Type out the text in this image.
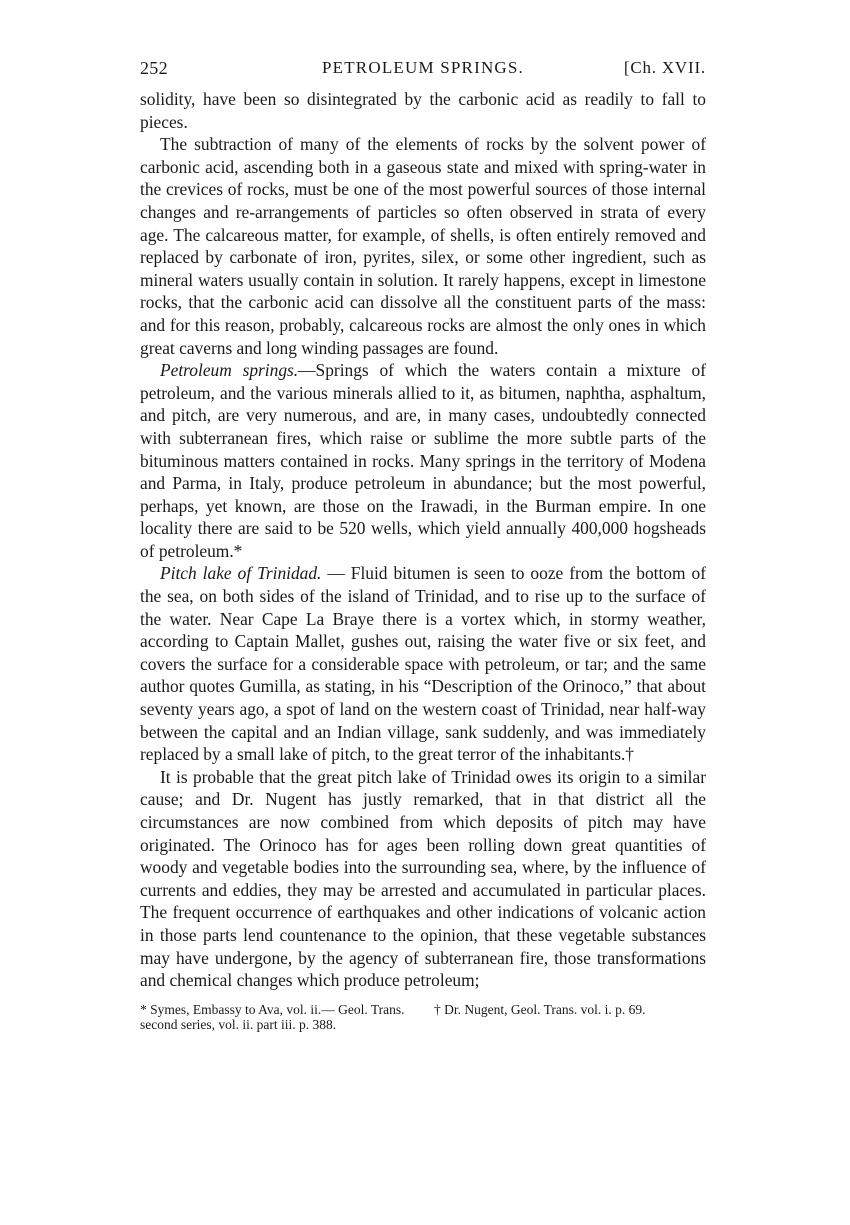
252	PETROLEUM SPRINGS.	[Ch. XVII.

solidity, have been so disintegrated by the carbonic acid as readily to fall to pieces.

The subtraction of many of the elements of rocks by the solvent power of carbonic acid, ascending both in a gaseous state and mixed with spring-water in the crevices of rocks, must be one of the most powerful sources of those internal changes and re-arrangements of particles so often observed in strata of every age. The calcareous matter, for example, of shells, is often entirely removed and replaced by carbonate of iron, pyrites, silex, or some other ingredient, such as mineral waters usually contain in solution. It rarely happens, except in limestone rocks, that the carbonic acid can dissolve all the constituent parts of the mass: and for this reason, probably, calcareous rocks are almost the only ones in which great caverns and long winding passages are found.

Petroleum springs.—Springs of which the waters contain a mixture of petroleum, and the various minerals allied to it, as bitumen, naphtha, asphaltum, and pitch, are very numerous, and are, in many cases, undoubtedly connected with subterranean fires, which raise or sublime the more subtle parts of the bituminous matters contained in rocks. Many springs in the territory of Modena and Parma, in Italy, produce petroleum in abundance; but the most powerful, perhaps, yet known, are those on the Irawadi, in the Burman empire. In one locality there are said to be 520 wells, which yield annually 400,000 hogsheads of petroleum.*

Pitch lake of Trinidad. — Fluid bitumen is seen to ooze from the bottom of the sea, on both sides of the island of Trinidad, and to rise up to the surface of the water. Near Cape La Braye there is a vortex which, in stormy weather, according to Captain Mallet, gushes out, raising the water five or six feet, and covers the surface for a considerable space with petroleum, or tar; and the same author quotes Gumilla, as stating, in his “Description of the Orinoco,” that about seventy years ago, a spot of land on the western coast of Trinidad, near half-way between the capital and an Indian village, sank suddenly, and was immediately replaced by a small lake of pitch, to the great terror of the inhabitants.†

It is probable that the great pitch lake of Trinidad owes its origin to a similar cause; and Dr. Nugent has justly remarked, that in that district all the circumstances are now combined from which deposits of pitch may have originated. The Orinoco has for ages been rolling down great quantities of woody and vegetable bodies into the surrounding sea, where, by the influence of currents and eddies, they may be arrested and accumulated in particular places. The frequent occurrence of earthquakes and other indications of volcanic action in those parts lend countenance to the opinion, that these vegetable substances may have undergone, by the agency of subterranean fire, those transformations and chemical changes which produce petroleum;

* Symes, Embassy to Ava, vol. ii.— Geol. Trans. second series, vol. ii. part iii. p. 388.
† Dr. Nugent, Geol. Trans. vol. i. p. 69.
